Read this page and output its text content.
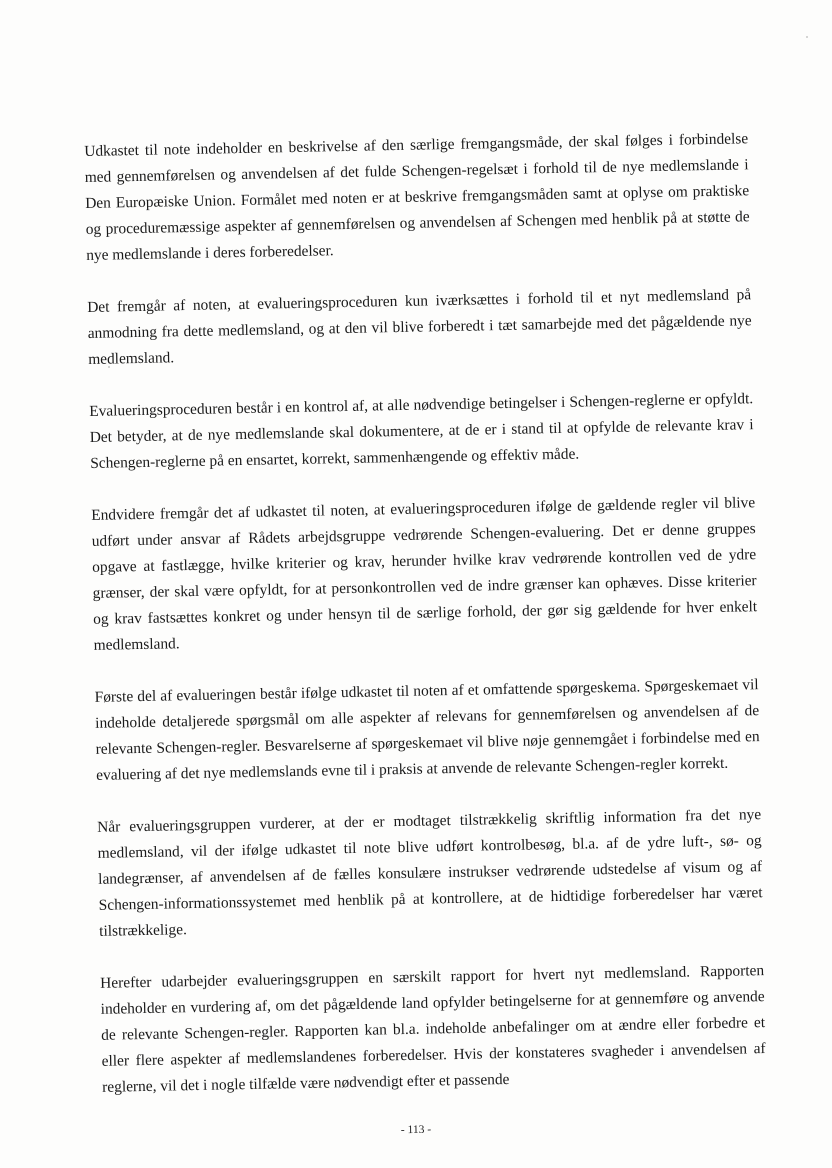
Udkastet til note indeholder en beskrivelse af den særlige fremgangsmåde, der skal følges i forbindelse med gennemførelsen og anvendelsen af det fulde Schengen-regelsæt i forhold til de nye medlemslande i Den Europæiske Union. Formålet med noten er at beskrive fremgangsmåden samt at oplyse om praktiske og proceduremæssige aspekter af gennemførelsen og anvendelsen af Schengen med henblik på at støtte de nye medlemslande i deres forberedelser.

Det fremgår af noten, at evalueringsproceduren kun iværksættes i forhold til et nyt medlemsland på anmodning fra dette medlemsland, og at den vil blive forberedt i tæt samarbejde med det pågældende nye medlemsland.

Evalueringsproceduren består i en kontrol af, at alle nødvendige betingelser i Schengen-reglerne er opfyldt. Det betyder, at de nye medlemslande skal dokumentere, at de er i stand til at opfylde de relevante krav i Schengen-reglerne på en ensartet, korrekt, sammenhængende og effektiv måde.

Endvidere fremgår det af udkastet til noten, at evalueringsproceduren ifølge de gældende regler vil blive udført under ansvar af Rådets arbejdsgruppe vedrørende Schengen-evaluering. Det er denne gruppes opgave at fastlægge, hvilke kriterier og krav, herunder hvilke krav vedrørende kontrollen ved de ydre grænser, der skal være opfyldt, for at personkontrollen ved de indre grænser kan ophæves. Disse kriterier og krav fastsættes konkret og under hensyn til de særlige forhold, der gør sig gældende for hver enkelt medlemsland.

Første del af evalueringen består ifølge udkastet til noten af et omfattende spørgeskema. Spørgeskemaet vil indeholde detaljerede spørgsmål om alle aspekter af relevans for gennemførelsen og anvendelsen af de relevante Schengen-regler. Besvarelserne af spørgeskemaet vil blive nøje gennemgået i forbindelse med en evaluering af det nye medlemslands evne til i praksis at anvende de relevante Schengen-regler korrekt.

Når evalueringsgruppen vurderer, at der er modtaget tilstrækkelig skriftlig information fra det nye medlemsland, vil der ifølge udkastet til note blive udført kontrolbesøg, bl.a. af de ydre luft-, sø- og landegrænser, af anvendelsen af de fælles konsulære instrukser vedrørende udstedelse af visum og af Schengen-informationssystemet med henblik på at kontrollere, at de hidtidige forberedelser har været tilstrækkelige.

Herefter udarbejder evalueringsgruppen en særskilt rapport for hvert nyt medlemsland. Rapporten indeholder en vurdering af, om det pågældende land opfylder betingelserne for at gennemføre og anvende de relevante Schengen-regler. Rapporten kan bl.a. indeholde anbefalinger om at ændre eller forbedre et eller flere aspekter af medlemslandenes forberedelser. Hvis der konstateres svagheder i anvendelsen af reglerne, vil det i nogle tilfælde være nødvendigt efter et passende

- 113 -
